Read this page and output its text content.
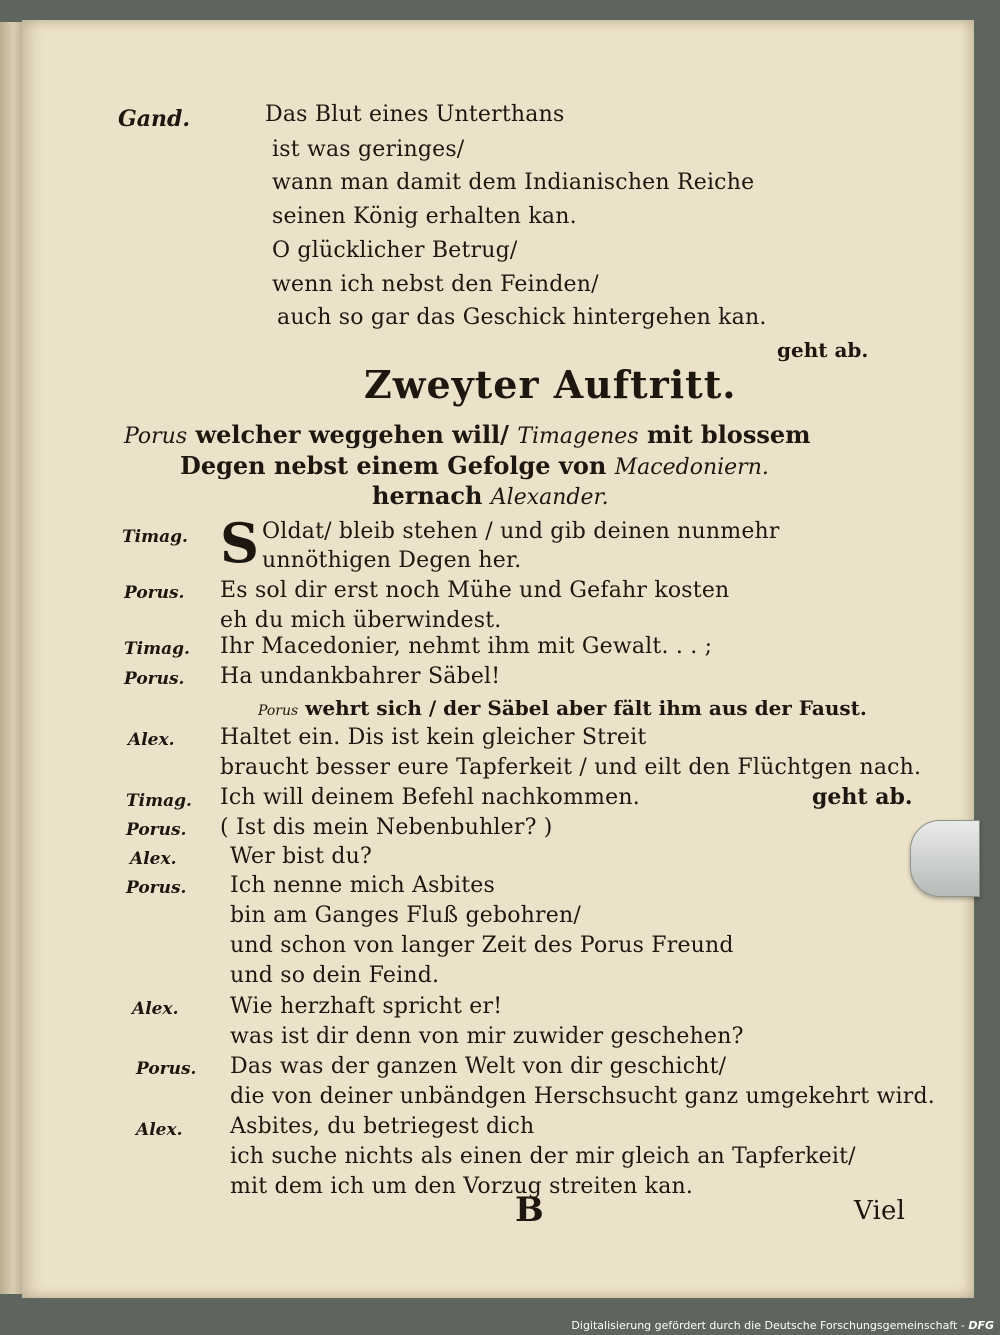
Gand.	Das Blut eines Unterthans
ist was geringes/
wann man damit dem Indianischen Reiche
seinen König erhalten kan.
O glücklicher Betrug/
wenn ich nebst den Feinden/
auch so gar das Geschick hintergehen kan.
geht ab.
Zweyter Auftritt.
Porus welcher weggehen will/ Timagenes mit blossem
Degen nebst einem Gefolge von Macedoniern.
hernach Alexander.
Timag. S Oldat/ bleib stehen / und gib deinen nunmehr
unnöthigen Degen her.
Porus. Es sol dir erst noch Mühe und Gefahr kosten
eh du mich überwindest.
Timag. Ihr Macedonier, nehmt ihm mit Gewalt. . . ;
Porus. Ha undankbahrer Säbel!
Porus wehrt sich / der Säbel aber fält ihm aus der Faust.
Alex. Haltet ein. Dis ist kein gleicher Streit
braucht besser eure Tapferkeit / und eilt den Flüchtgen nach.
Timag. Ich will deinem Befehl nachkommen.	geht ab.
Porus. ( Ist dis mein Nebenbuhler? )
Alex. Wer bist du?
Porus. Ich nenne mich Asbites
bin am Ganges Fluß gebohren/
und schon von langer Zeit des Porus Freund
und so dein Feind.
Alex. Wie herzhaft spricht er!
was ist dir denn von mir zuwider geschehen?
Porus. Das was der ganzen Welt von dir geschicht/
die von deiner unbändgen Herschsucht ganz umgekehrt wird.
Alex. Asbites, du betriegest dich
ich suche nichts als einen der mir gleich an Tapferkeit/
mit dem ich um den Vorzug streiten kan.
B	Viel
Digitalisierung gefördert durch die Deutsche Forschungsgemeinschaft - DFG
